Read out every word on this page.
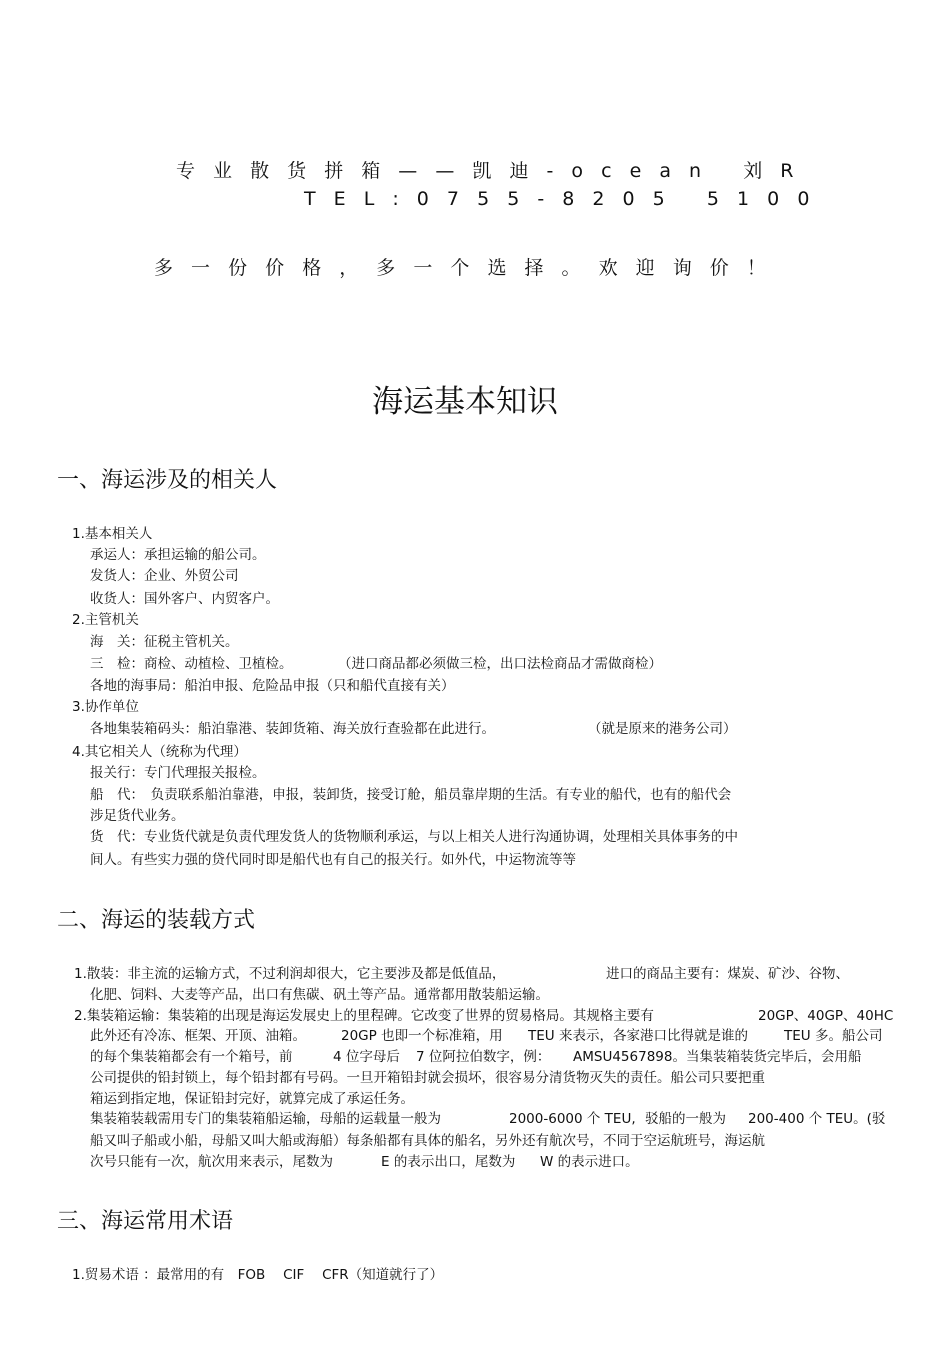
专业散货拼箱——凯迪-ocean 刘R
TEL:0755-8205 5100
多一份价格，多一个选择。欢迎询价！
海运基本知识
一、海运涉及的相关人
1.基本相关人
承运人：承担运输的船公司。
发货人：企业、外贸公司
收货人：国外客户、内贸客户。
2.主管机关
海　关：征税主管机关。
三　检：商检、动植检、卫植检。	（进口商品都必须做三检，出口法检商品才需做商检）
各地的海事局：船泊申报、危险品申报（只和船代直接有关）
3.协作单位
各地集装箱码头：船泊靠港、装卸货箱、海关放行查验都在此进行。	（就是原来的港务公司）
4.其它相关人（统称为代理）
报关行：专门代理报关报检。
船　代：　负责联系船泊靠港，申报，装卸货，接受订舱，船员靠岸期的生活。有专业的船代，也有的船代会
涉足货代业务。
货　代：专业货代就是负责代理发货人的货物顺利承运，与以上相关人进行沟通协调，处理相关具体事务的中
间人。有些实力强的贷代同时即是船代也有自己的报关行。如外代，中运物流等等
二、海运的装载方式
1.散装：非主流的运输方式，不过利润却很大，它主要涉及都是低值品，	进口的商品主要有：煤炭、矿沙、谷物、
化肥、饲料、大麦等产品，出口有焦碳、矾土等产品。通常都用散装船运输。
2.集装箱运输：集装箱的出现是海运发展史上的里程碑。它改变了世界的贸易格局。其规格主要有	20GP、40GP、40HC
此外还有冷冻、框架、开顶、油箱。	20GP 也即一个标准箱，用 TEU 来表示，各家港口比得就是谁的	TEU 多。船公司
的每个集装箱都会有一个箱号，前	4 位字母后 7 位阿拉伯数字，例： AMSU4567898。当集装箱装货完毕后，会用船
公司提供的铅封锁上，每个铅封都有号码。一旦开箱铅封就会损坏，很容易分清货物灭失的责任。船公司只要把重
箱运到指定地，保证铅封完好，就算完成了承运任务。
集装箱装载需用专门的集装箱船运输，母船的运载量一般为	2000-6000 个 TEU, 驳船的一般为 200-400 个 TEU。(驳
船又叫子船或小船，母船又叫大船或海船）每条船都有具体的船名，另外还有航次号，不同于空运航班号，海运航
次号只能有一次，航次用来表示，尾数为	E 的表示出口，尾数为 W 的表示进口。
三、海运常用术语
1.贸易术语 ：最常用的有　FOB　 CIF　 CFR（知道就行了）
